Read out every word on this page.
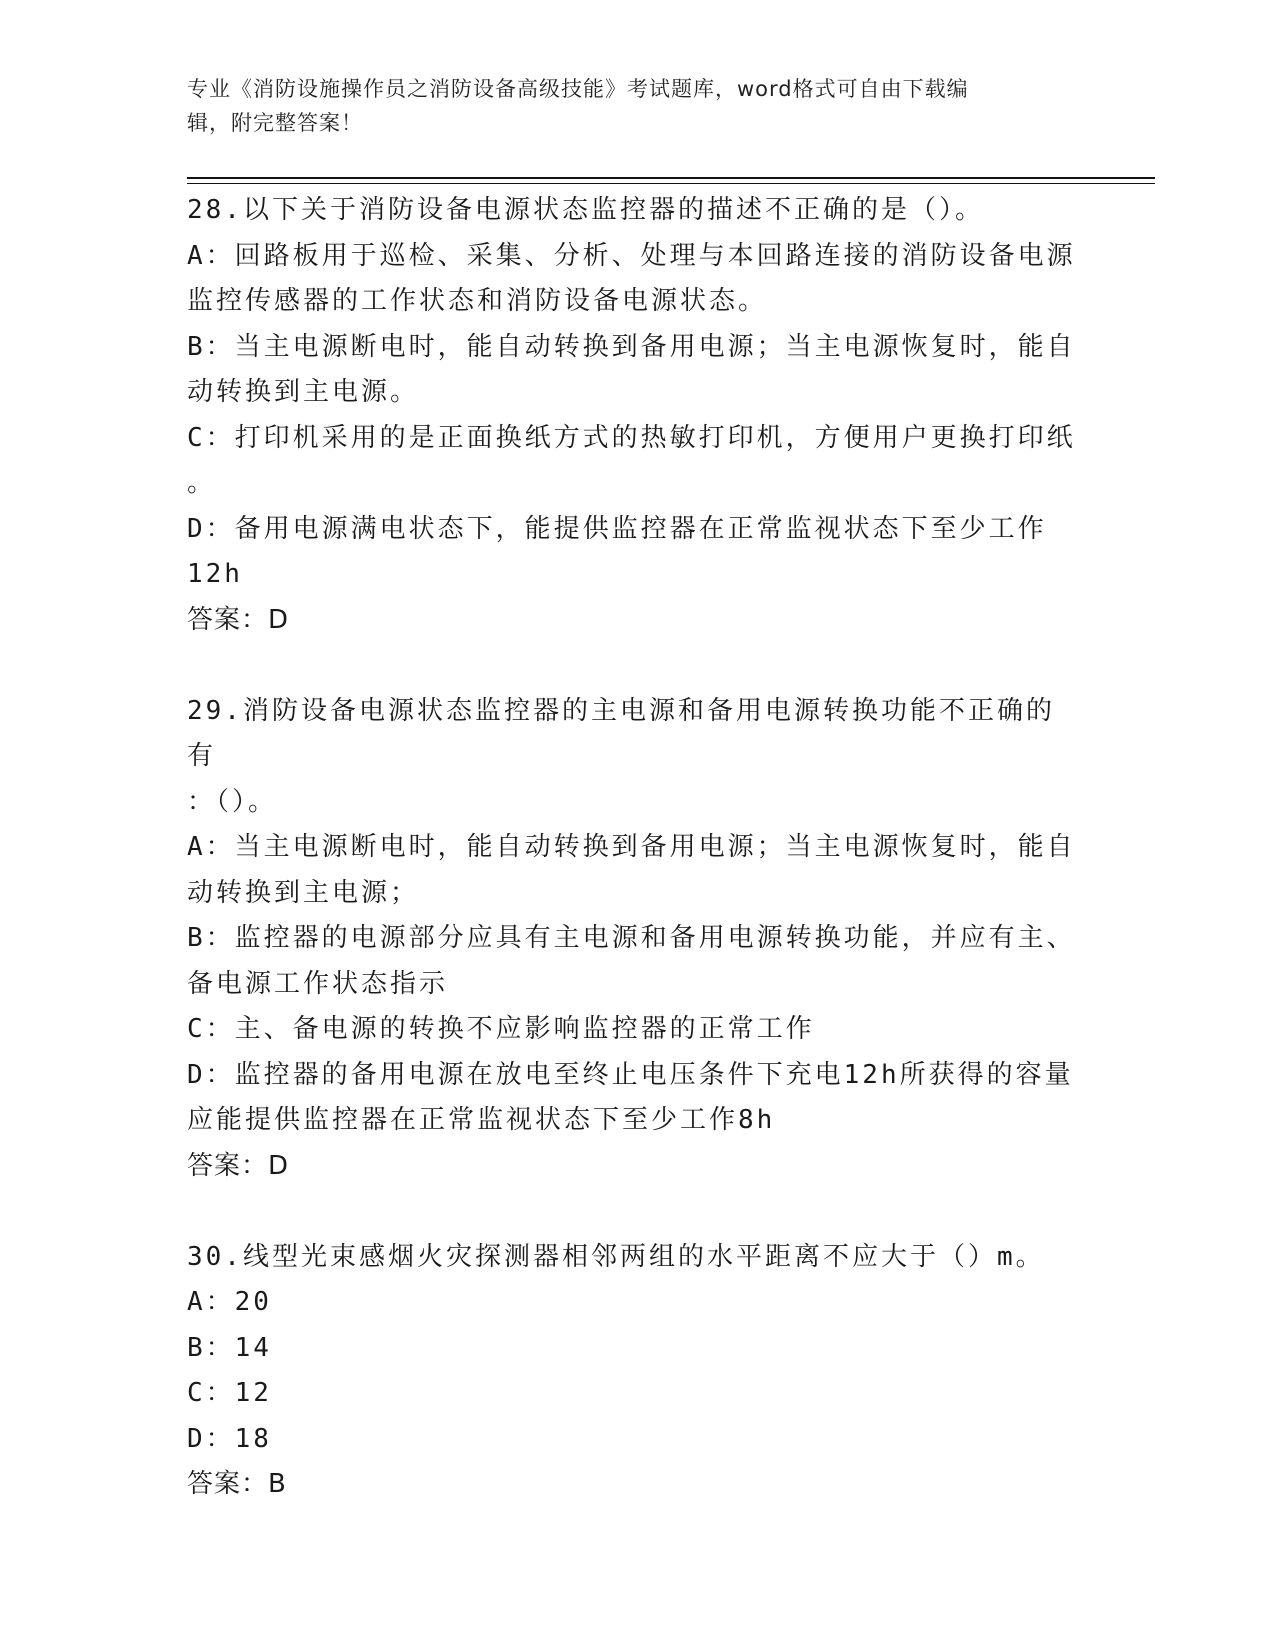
专业《消防设施操作员之消防设备高级技能》考试题库，word格式可自由下载编
辑，附完整答案！
28.以下关于消防设备电源状态监控器的描述不正确的是（）。
A：回路板用于巡检、采集、分析、处理与本回路连接的消防设备电源
监控传感器的工作状态和消防设备电源状态。
B：当主电源断电时，能自动转换到备用电源；当主电源恢复时，能自
动转换到主电源。
C：打印机采用的是正面换纸方式的热敏打印机，方便用户更换打印纸
。
D：备用电源满电状态下，能提供监控器在正常监视状态下至少工作
12h
答案：D
29.消防设备电源状态监控器的主电源和备用电源转换功能不正确的有
：（）。
A：当主电源断电时，能自动转换到备用电源；当主电源恢复时，能自
动转换到主电源；
B：监控器的电源部分应具有主电源和备用电源转换功能，并应有主、
备电源工作状态指示
C：主、备电源的转换不应影响监控器的正常工作
D：监控器的备用电源在放电至终止电压条件下充电12h所获得的容量
应能提供监控器在正常监视状态下至少工作8h
答案：D
30.线型光束感烟火灾探测器相邻两组的水平距离不应大于（）m。
A：20
B：14
C：12
D：18
答案：B
